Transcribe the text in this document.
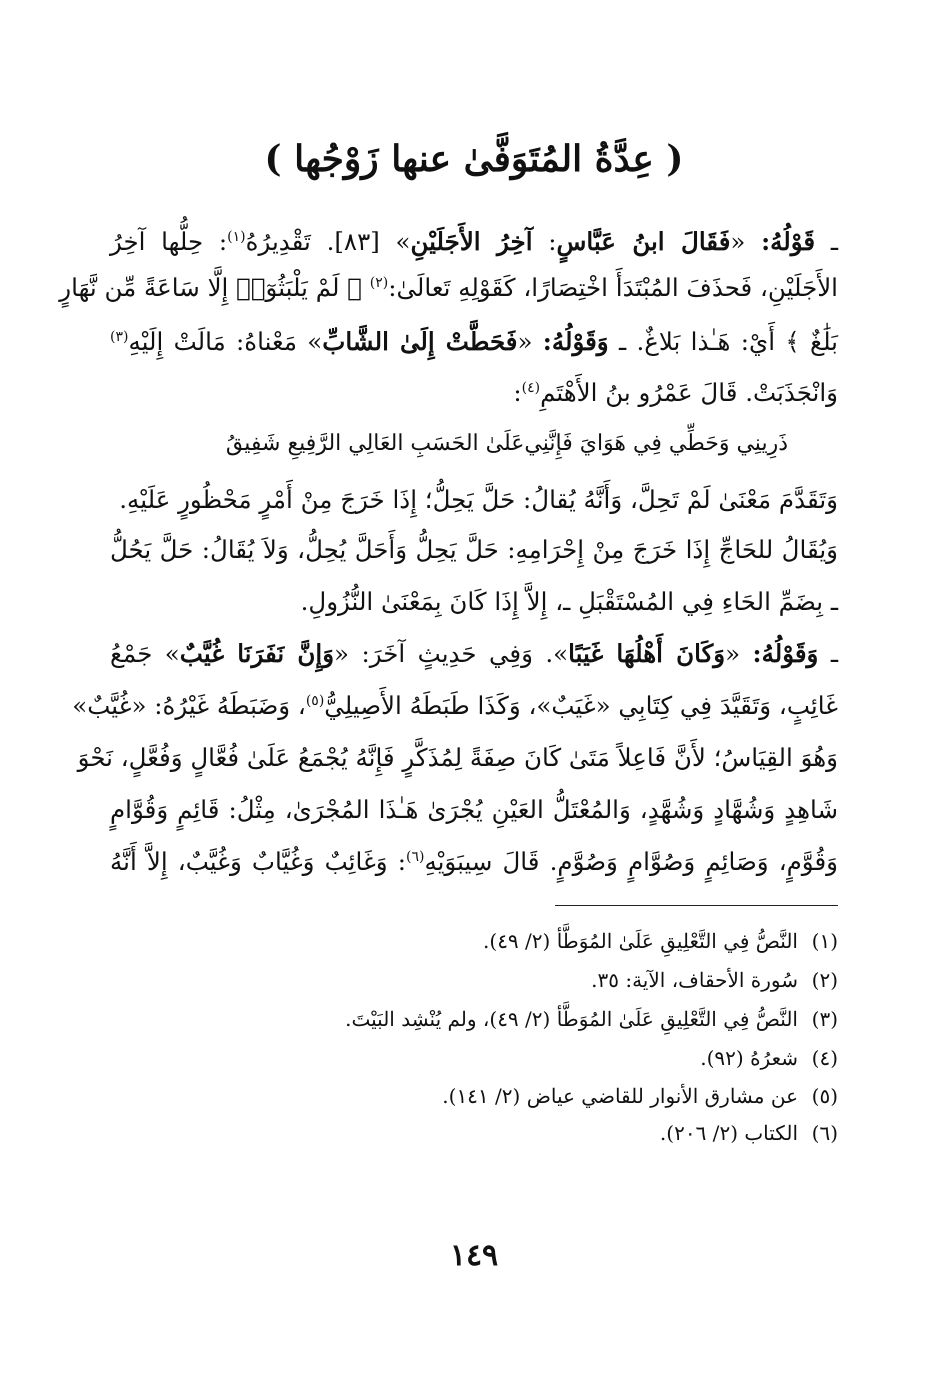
( عِدَّةُ المُتَوَفَّىٰ عنها زَوْجُها )
ـ قَوْلُهُ: «فَقَالَ ابنُ عَبَّاسٍ: آخِرُ الأَجَلَيْنِ» [٨٣]. تَقْدِيرُهُ$^{(١)}$: حِلُّها آخِرُ
الأَجَلَيْنِ، فَحذَفَ المُبْتَدَأَ اخْتِصَارًا، كَقَوْلِهِ تَعالَىٰ:$^{(٢)}$ ﴿ لَمْ يَلْبَثُوٓا۟ إِلَّا سَاعَةً مِّن نَّهَارٍ
بَلَٰغٌ ﴾ أَيْ: هَـٰذا بَلاغٌ. ـ وَقَوْلُهُ: «فَحَطَّتْ إِلَىٰ الشَّابِّ» مَعْناهُ: مَالَتْ إِلَيْهِ$^{(٣)}$
وَانْجَذَبَتْ. قَالَ عَمْرُو بنُ الأَهْتَمِ$^{(٤)}$:
ذَرِينِي وَحَطِّي فِي هَوَايَ فَإِنَّنِي
عَلَىٰ الحَسَبِ العَالِي الرَّفِيعِ شَفِيقُ
وَتَقَدَّمَ مَعْنَىٰ لَمْ تَحِلَّ، وَأَنَّهُ يُقالُ: حَلَّ يَحِلُّ؛ إِذَا خَرَجَ مِنْ أَمْرٍ مَحْظُورٍ عَلَيْهِ.
وَيُقَالُ للحَاجِّ إِذَا خَرَجَ مِنْ إِحْرَامِهِ: حَلَّ يَحِلُّ وَأَحَلَّ يُحِلُّ، وَلاَ يُقَالُ: حَلَّ يَحُلُّ
ـ بِضَمِّ الحَاءِ فِي المُسْتَقْبَلِ ـ، إِلاَّ إِذَا كَانَ بِمَعْنَىٰ النُّزُولِ.
ـ وَقَوْلُهُ: «وَكَانَ أَهْلُهَا غَيَبًا». وَفِي حَدِيثٍ آخَرَ: «وَإِنَّ نَفَرَنَا غُيَّبٌ» جَمْعُ
غَائِبٍ، وَتَقَيَّدَ فِي كِتَابِي «غَيَبٌ»، وَكَذَا طَبَطَهُ الأَصِيلِيُّ$^{(٥)}$، وَضَبَطَهُ غَيْرُهُ: «غُيَّبٌ»
وَهُوَ القِيَاسُ؛ لأَنَّ فَاعِلاً مَتَىٰ كَانَ صِفَةً لِمُذَكَّرٍ فَإِنَّهُ يُجْمَعُ عَلَىٰ فُعَّالٍ وَفُعَّلٍ، نَحْوَ
شَاهِدٍ وَشُهَّادٍ وَشُهَّدٍ، وَالمُعْتَلُّ العَيْنِ يُجْرَىٰ هَـٰذَا المُجْرَىٰ، مِثْلُ: قَائِمٍ وَقُوَّامٍ
وَقُوَّمٍ، وَصَائِمٍ وَصُوَّامٍ وَصُوَّمٍ. قَالَ سِيبَوَيْهِ$^{(٦)}$: وَغَائِبٌ وَغُيَّابٌ وَغُيَّبٌ، إِلاَّ أَنَّهُ
(١)النَّصُّ فِي التَّعْلِيقِ عَلَىٰ المُوَطَّأ (٢/ ٤٩).
(٢)سُورة الأحقاف، الآية: ٣٥.
(٣)النَّصُّ فِي التَّعْلِيقِ عَلَىٰ المُوَطَّأ (٢/ ٤٩)، ولم يُنْشِد البَيْتَ.
(٤)شعرُهُ (٩٢).
(٥)عن مشارق الأنوار للقاضي عياض (٢/ ١٤١).
(٦)الكتاب (٢/ ٢٠٦).
١٤٩
